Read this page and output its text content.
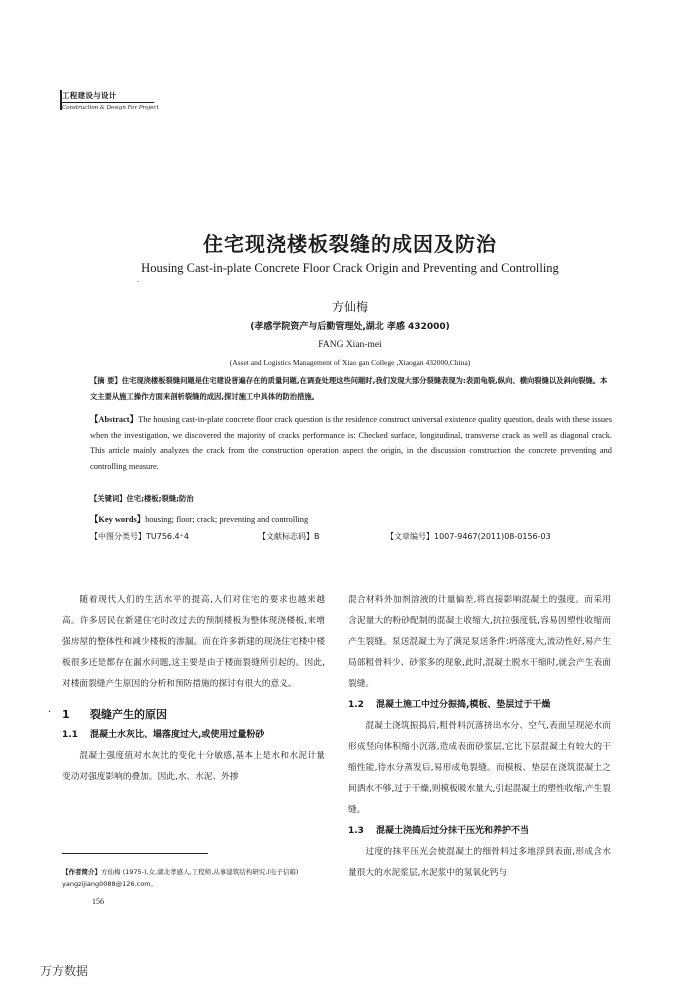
工程建设与设计
Construction & Design For Project
住宅现浇楼板裂缝的成因及防治
Housing Cast-in-plate Concrete Floor Crack Origin and Preventing and Controlling
·
方仙梅
(孝感学院资产与后勤管理处,湖北 孝感 432000)
FANG Xian-mei
(Asset and Logistics Management of Xiao gan College ,Xiaogan 432000,China)
【摘 要】住宅现浇楼板裂缝问题是住宅建设普遍存在的质量问题,在调查处理这些问题时,我们发现大部分裂缝表现为:表面龟裂,纵向、横向裂缝以及斜向裂缝。本文主要从施工操作方面来剖析裂缝的成因,探讨施工中具体的防治措施。
【Abstract】The housing cast-in-plate concrete floor crack question is the residence construct universal existence quality question, deals with these issues when the investigation, we discovered the majority of cracks performance is: Checked surface, longitudinal, transverse crack as well as diagonal crack. This article mainly analyzes the crack from the construction operation aspect the origin, in the discussion construction the concrete preventing and controlling measure.
【关键词】住宅;楼板;裂缝;防治
【Key words】housing; floor; crack; preventing and controlling
【中图分类号】TU756.4⁺4	【文献标志码】B	【文章编号】1007-9467(2011)08-0156-03

随着现代人们的生活水平的提高,人们对住宅的要求也越来越高。许多居民在新建住宅时改过去的预制楼板为整体现浇楼板,来增强房屋的整体性和减少楼板的渗漏。而在许多新建的现浇住宅楼中楼板很多还是都存在漏水问题,这主要是由于楼面裂缝所引起的。因此,对楼面裂缝产生原因的分析和预防措施的探讨有很大的意义。

1 裂缝产生的原因
1.1 混凝土水灰比、塌落度过大,或使用过量粉砂

混凝土强度值对水灰比的变化十分敏感,基本上是水和水泥计量变动对强度影响的叠加。因此,水、水泥、外掺

·

混合材料外加剂溶液的计量偏差,将直接影响混凝土的强度。而采用含泥量大的粉砂配制的混凝土收缩大,抗拉强度低,容易因塑性收缩而产生裂缝。泵送混凝土为了满足泵送条件:坍落度大,流动性好,易产生局部粗骨料少、砂浆多的现象,此时,混凝土脱水干缩时,就会产生表面裂缝。

1.2 混凝土施工中过分振捣,模板、垫层过于干燥

混凝土浇筑振捣后,粗骨料沉落挤出水分、空气,表面呈现泌水而形成竖向体积缩小沉落,造成表面砂浆层,它比下层混凝土有较大的干缩性能,待水分蒸发后,易形成龟裂缝。而模板、垫层在浇筑混凝土之间洒水不够,过于干燥,则模板吸水量大,引起混凝土的塑性收缩,产生裂缝。

1.3 混凝土浇捣后过分抹干压光和养护不当

过度的抹平压光会使混凝土的细骨料过多地浮到表面,形成含水量很大的水泥浆层,水泥浆中的氢氧化钙与

【作者简介】方仙梅 (1975-),女,湖北孝感人,工程师,从事建筑结构研究,(电子信箱) yangzijiang0088@126.com。
156
万方数据
